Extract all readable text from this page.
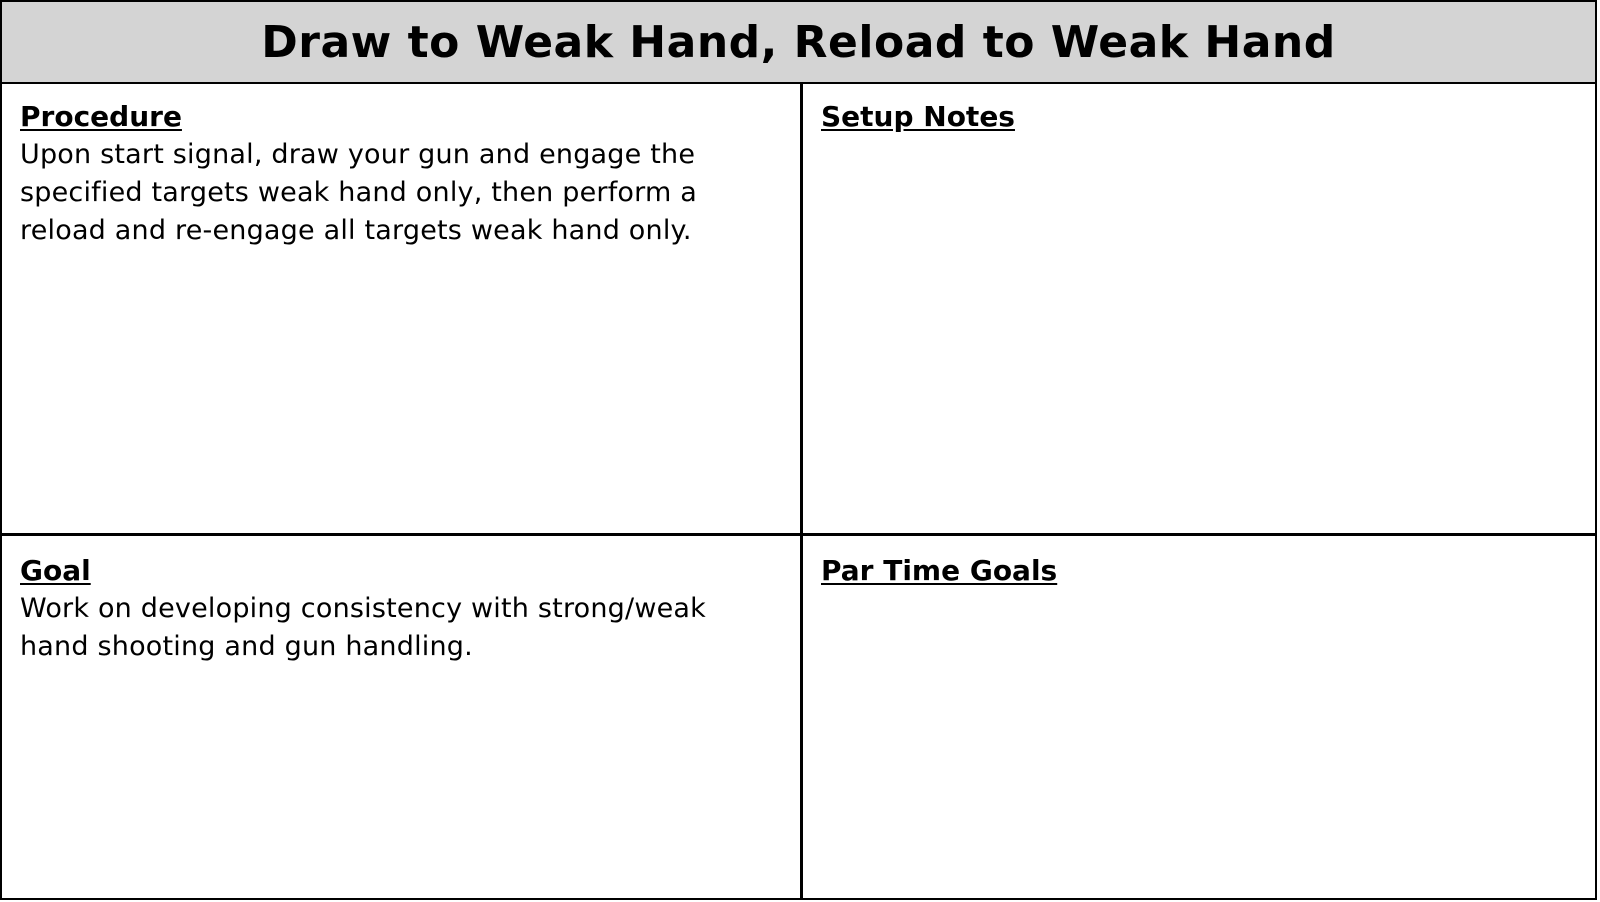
Draw to Weak Hand, Reload to Weak Hand

Procedure

Upon start signal, draw your gun and engage the specified targets weak hand only, then perform a reload and re-engage all targets weak hand only.

Setup Notes

Goal

Work on developing consistency with strong/weak hand shooting and gun handling.

Par Time Goals
